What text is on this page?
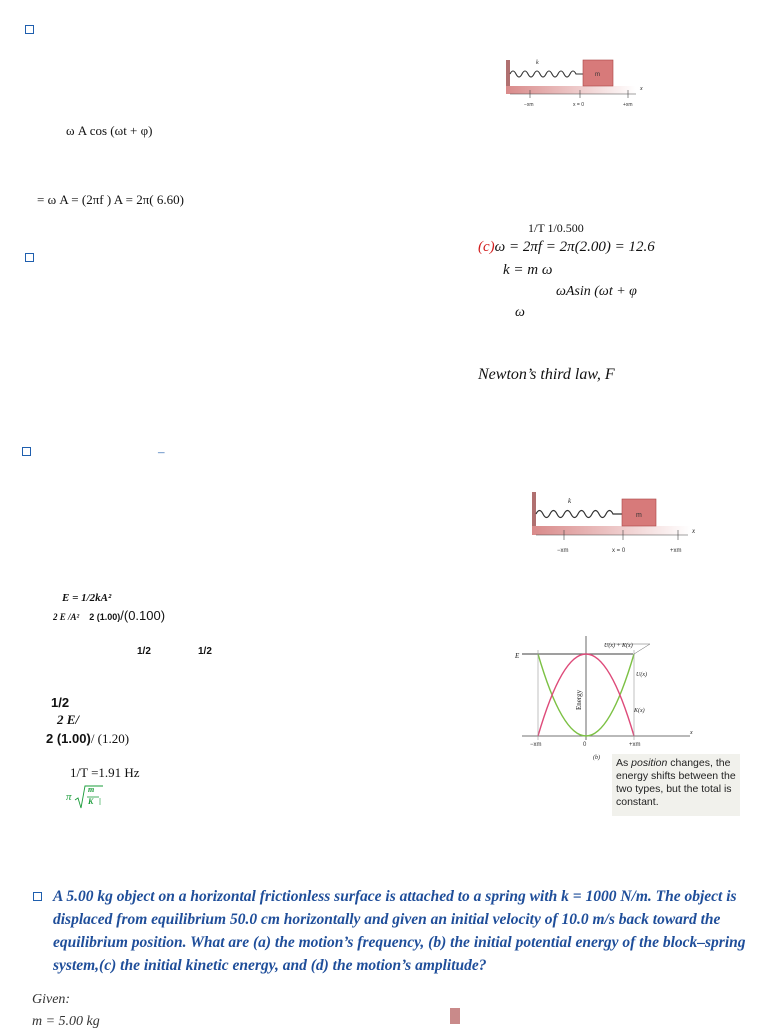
ω A cos (ωt + φ)
= ω A = (2πf ) A = 2π( 6.60)
m
k
x
−xm	x = 0	+xm
1/T 1/0.500
(c)ω = 2πf = 2π(2.00) = 12.6
k = m ω
ωAsin (ωt + φ
ω
Newton’s third law, F
–
m
k
x
−xm	x = 0	+xm
E = 1/2kA²
2 E /A² 2 (1.00)/(0.100)
1/2	1/2
1/2
2 E/
2 (1.00)/ (1.20)
1/T =1.91 Hz
π
m
K
E
U(x) + K(x)
U(x)
K(x)
x
−xm	0	+xm
(b)
Energy
As position changes, the energy shifts between the two types, but the total is constant.
A 5.00 kg object on a horizontal frictionless surface is attached to a spring with k = 1000 N/m. The object is displaced from equilibrium 50.0 cm horizontally and given an initial velocity of 10.0 m/s back toward the equilibrium position. What are (a) the motion’s frequency, (b) the initial potential energy of the block–spring system,(c) the initial kinetic energy, and (d) the motion’s amplitude?
Given:
m = 5.00 kg
